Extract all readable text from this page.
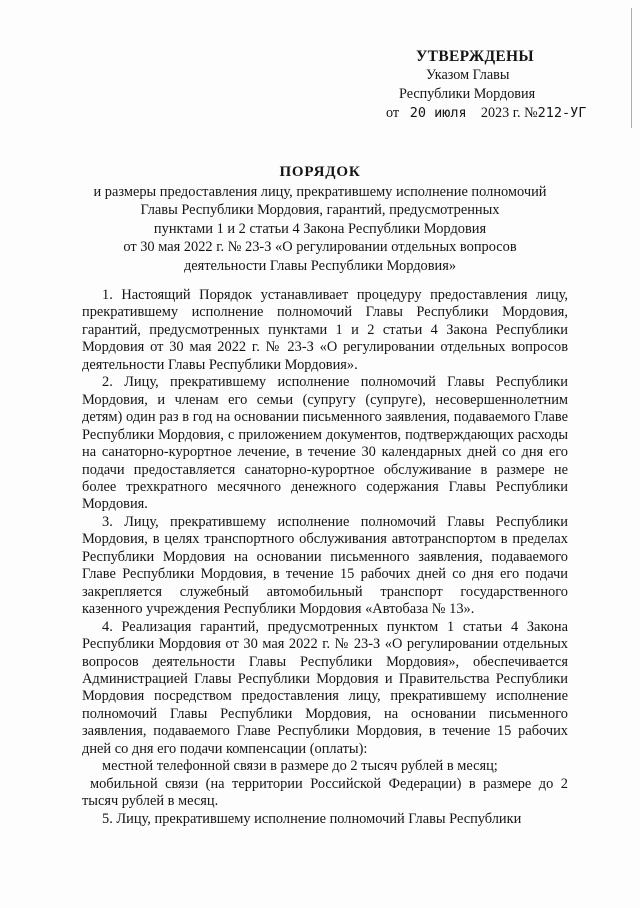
УТВЕРЖДЕНЫ
Указом Главы
Республики Мордовия
от 20 июля 2023 г. №212-УГ
ПОРЯДОК
и размеры предоставления лицу, прекратившему исполнение полномочий
Главы Республики Мордовия, гарантий, предусмотренных
пунктами 1 и 2 статьи 4 Закона Республики Мордовия
от 30 мая 2022 г. № 23-З «О регулировании отдельных вопросов
деятельности Главы Республики Мордовия»

1. Настоящий Порядок устанавливает процедуру предоставления лицу, прекратившему исполнение полномочий Главы Республики Мордовия, гарантий, предусмотренных пунктами 1 и 2 статьи 4 Закона Республики Мордовия от 30 мая 2022 г. № 23-З «О регулировании отдельных вопросов деятельности Главы Республики Мордовия».

2. Лицу, прекратившему исполнение полномочий Главы Республики Мордовия, и членам его семьи (супругу (супруге), несовершеннолетним детям) один раз в год на основании письменного заявления, подаваемого Главе Республики Мордовия, с приложением документов, подтверждающих расходы на санаторно-курортное лечение, в течение 30 календарных дней со дня его подачи предоставляется санаторно-курортное обслуживание в размере не более трехкратного месячного денежного содержания Главы Республики Мордовия.

3. Лицу, прекратившему исполнение полномочий Главы Республики Мордовия, в целях транспортного обслуживания автотранспортом в пределах Республики Мордовия на основании письменного заявления, подаваемого Главе Республики Мордовия, в течение 15 рабочих дней со дня его подачи закрепляется служебный автомобильный транспорт государственного казенного учреждения Республики Мордовия «Автобаза № 13».

4. Реализация гарантий, предусмотренных пунктом 1 статьи 4 Закона Республики Мордовия от 30 мая 2022 г. № 23-З «О регулировании отдельных вопросов деятельности Главы Республики Мордовия», обеспечивается Администрацией Главы Республики Мордовия и Правительства Республики Мордовия посредством предоставления лицу, прекратившему исполнение полномочий Главы Республики Мордовия, на основании письменного заявления, подаваемого Главе Республики Мордовия, в течение 15 рабочих дней со дня его подачи компенсации (оплаты):

местной телефонной связи в размере до 2 тысяч рублей в месяц;

мобильной связи (на территории Российской Федерации) в размере до 2 тысяч рублей в месяц.

5. Лицу, прекратившему исполнение полномочий Главы Республики
